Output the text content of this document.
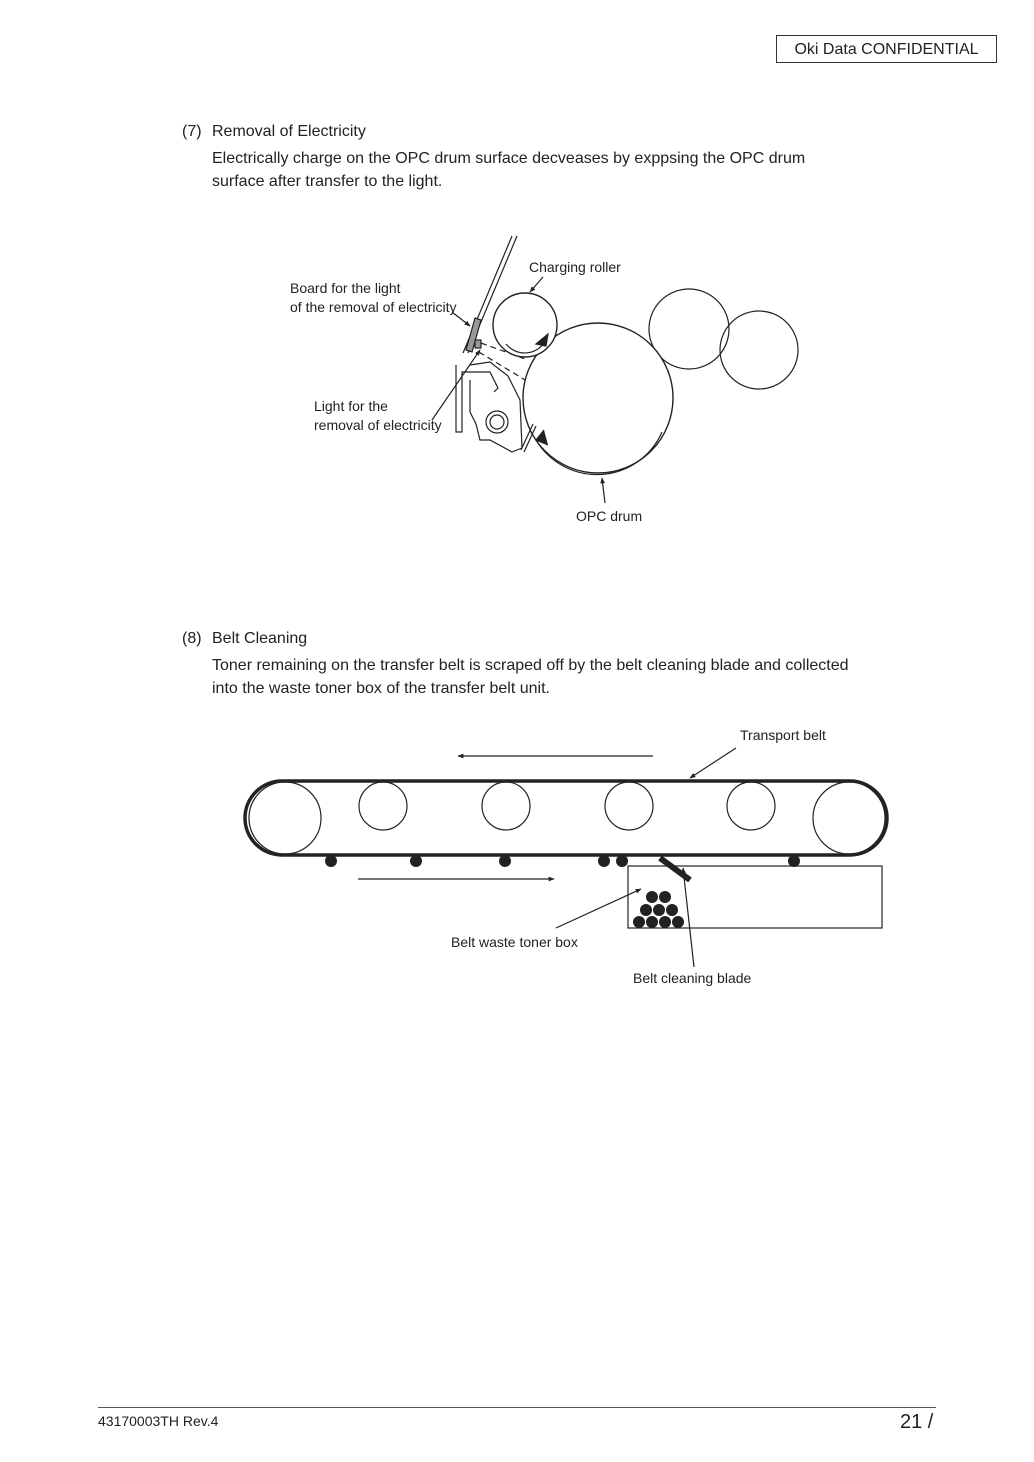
Oki Data CONFIDENTIAL
(7) Removal of Electricity
Electrically charge on the OPC drum surface decveases by exppsing the OPC drum
surface after transfer to the light.
Charging roller
Board for the light
of the removal of electricity
Light for the
removal of electricity
OPC drum
(8) Belt Cleaning
Toner remaining on the transfer belt is scraped off by the belt cleaning blade and collected
into the waste toner box of the transfer belt unit.
Transport belt
Belt waste toner box
Belt cleaning blade
43170003TH Rev.4	21 /
